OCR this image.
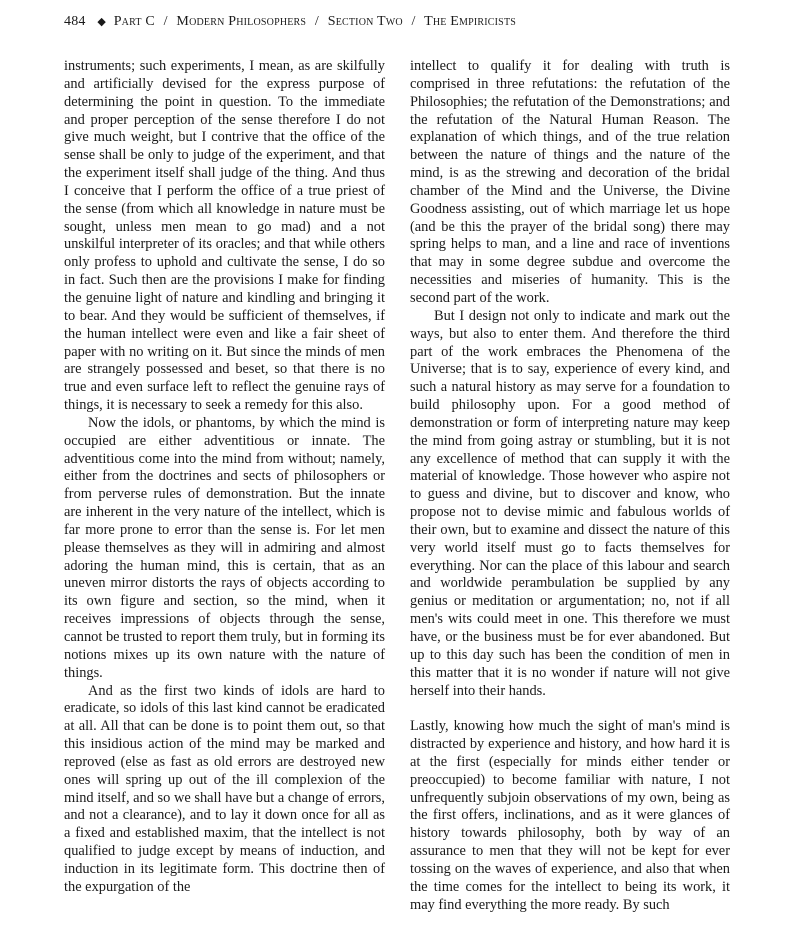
484 ◆ Part C / Modern Philosophers / Section Two / The Empiricists

instruments; such experiments, I mean, as are skilfully and artificially devised for the express purpose of determining the point in question. To the immediate and proper perception of the sense therefore I do not give much weight, but I contrive that the office of the sense shall be only to judge of the experiment, and that the experiment itself shall judge of the thing. And thus I conceive that I perform the office of a true priest of the sense (from which all knowledge in nature must be sought, unless men mean to go mad) and a not unskilful interpreter of its oracles; and that while others only profess to uphold and cultivate the sense, I do so in fact. Such then are the provisions I make for finding the genuine light of nature and kindling and bringing it to bear. And they would be sufficient of themselves, if the human intellect were even and like a fair sheet of paper with no writing on it. But since the minds of men are strangely possessed and beset, so that there is no true and even surface left to reflect the genuine rays of things, it is necessary to seek a remedy for this also.

Now the idols, or phantoms, by which the mind is occupied are either adventitious or innate. The adventitious come into the mind from without; namely, either from the doctrines and sects of philosophers or from perverse rules of demonstration. But the innate are inherent in the very nature of the intellect, which is far more prone to error than the sense is. For let men please themselves as they will in admiring and almost adoring the human mind, this is certain, that as an uneven mirror distorts the rays of objects according to its own figure and section, so the mind, when it receives impressions of objects through the sense, cannot be trusted to report them truly, but in forming its notions mixes up its own nature with the nature of things.

And as the first two kinds of idols are hard to eradicate, so idols of this last kind cannot be eradicated at all. All that can be done is to point them out, so that this insidious action of the mind may be marked and reproved (else as fast as old errors are destroyed new ones will spring up out of the ill complexion of the mind itself, and so we shall have but a change of errors, and not a clearance), and to lay it down once for all as a fixed and established maxim, that the intellect is not qualified to judge except by means of induction, and induction in its legitimate form. This doctrine then of the expurgation of the

intellect to qualify it for dealing with truth is comprised in three refutations: the refutation of the Philosophies; the refutation of the Demonstrations; and the refutation of the Natural Human Reason. The explanation of which things, and of the true relation between the nature of things and the nature of the mind, is as the strewing and decoration of the bridal chamber of the Mind and the Universe, the Divine Goodness assisting, out of which marriage let us hope (and be this the prayer of the bridal song) there may spring helps to man, and a line and race of inventions that may in some degree subdue and overcome the necessities and miseries of humanity. This is the second part of the work.

But I design not only to indicate and mark out the ways, but also to enter them. And therefore the third part of the work embraces the Phenomena of the Universe; that is to say, experience of every kind, and such a natural history as may serve for a foundation to build philosophy upon. For a good method of demonstration or form of interpreting nature may keep the mind from going astray or stumbling, but it is not any excellence of method that can supply it with the material of knowledge. Those however who aspire not to guess and divine, but to discover and know, who propose not to devise mimic and fabulous worlds of their own, but to examine and dissect the nature of this very world itself must go to facts themselves for everything. Nor can the place of this labour and search and worldwide perambulation be supplied by any genius or meditation or argumentation; no, not if all men's wits could meet in one. This therefore we must have, or the business must be for ever abandoned. But up to this day such has been the condition of men in this matter that it is no wonder if nature will not give herself into their hands.

Lastly, knowing how much the sight of man's mind is distracted by experience and history, and how hard it is at the first (especially for minds either tender or preoccupied) to become familiar with nature, I not unfrequently subjoin observations of my own, being as the first offers, inclinations, and as it were glances of history towards philosophy, both by way of an assurance to men that they will not be kept for ever tossing on the waves of experience, and also that when the time comes for the intellect to being its work, it may find everything the more ready. By such
